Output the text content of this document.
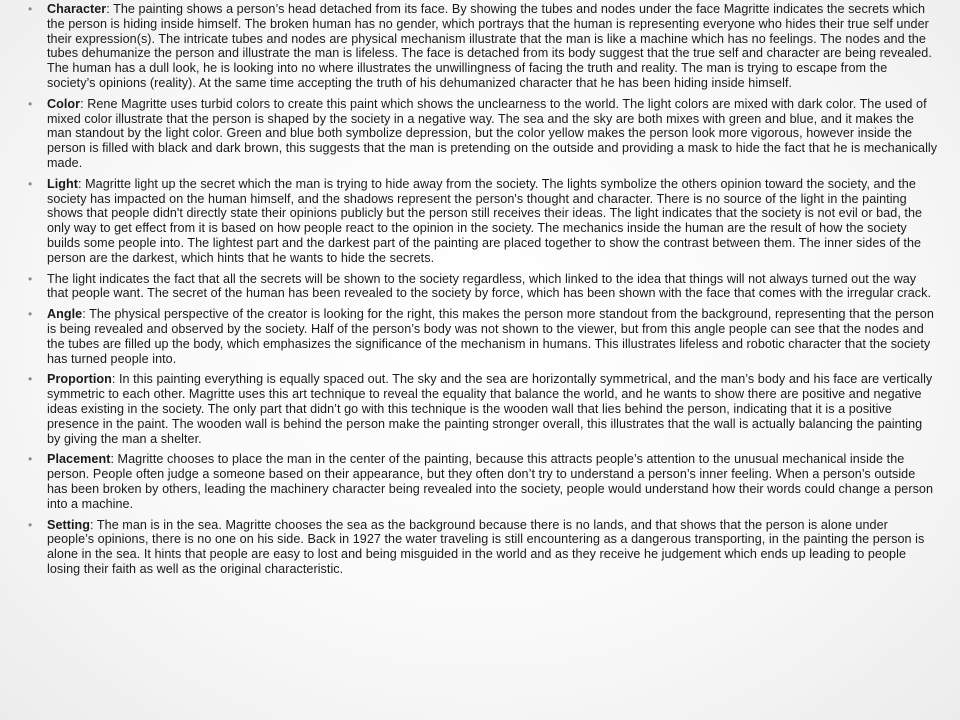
• Character: The painting shows a person’s head detached from its face. By showing the tubes and nodes under the face Magritte indicates the secrets which the person is hiding inside himself. The broken human has no gender, which portrays that the human is representing everyone who hides their true self under their expression(s). The intricate tubes and nodes are physical mechanism illustrate that the man is like a machine which has no feelings. The nodes and the tubes dehumanize the person and illustrate the man is lifeless. The face is detached from its body suggest that the true self and character are being revealed. The human has a dull look, he is looking into no where illustrates the unwillingness of facing the truth and reality. The man is trying to escape from the society’s opinions (reality). At the same time accepting the truth of his dehumanized character that he has been hiding inside himself.
• Color: Rene Magritte uses turbid colors to create this paint which shows the unclearness to the world. The light colors are mixed with dark color. The used of mixed color illustrate that the person is shaped by the society in a negative way. The sea and the sky are both mixes with green and blue, and it makes the man standout by the light color. Green and blue both symbolize depression, but the color yellow makes the person look more vigorous, however inside the person is filled with black and dark brown, this suggests that the man is pretending on the outside and providing a mask to hide the fact that he is mechanically made.
• Light: Magritte light up the secret which the man is trying to hide away from the society. The lights symbolize the others opinion toward the society, and the society has impacted on the human himself, and the shadows represent the person's thought and character. There is no source of the light in the painting shows that people didn't directly state their opinions publicly but the person still receives their ideas. The light indicates that the society is not evil or bad, the only way to get effect from it is based on how people react to the opinion in the society. The mechanics inside the human are the result of how the society builds some people into. The lightest part and the darkest part of the painting are placed together to show the contrast between them. The inner sides of the person are the darkest, which hints that he wants to hide the secrets.
• The light indicates the fact that all the secrets will be shown to the society regardless, which linked to the idea that things will not always turned out the way that people want. The secret of the human has been revealed to the society by force, which has been shown with the face that comes with the irregular crack.
• Angle: The physical perspective of the creator is looking for the right, this makes the person more standout from the background, representing that the person is being revealed and observed by the society. Half of the person’s body was not shown to the viewer, but from this angle people can see that the nodes and the tubes are filled up the body, which emphasizes the significance of the mechanism in humans. This illustrates lifeless and robotic character that the society has turned people into.
• Proportion: In this painting everything is equally spaced out. The sky and the sea are horizontally symmetrical, and the man’s body and his face are vertically symmetric to each other. Magritte uses this art technique to reveal the equality that balance the world, and he wants to show there are positive and negative ideas existing in the society. The only part that didn’t go with this technique is the wooden wall that lies behind the person, indicating that it is a positive presence in the paint. The wooden wall is behind the person make the painting stronger overall, this illustrates that the wall is actually balancing the painting by giving the man a shelter.
• Placement: Magritte chooses to place the man in the center of the painting, because this attracts people’s attention to the unusual mechanical inside the person. People often judge a someone based on their appearance, but they often don’t try to understand a person’s inner feeling. When a person’s outside has been broken by others, leading the machinery character being revealed into the society, people would understand how their words could change a person into a machine.
• Setting: The man is in the sea. Magritte chooses the sea as the background because there is no lands, and that shows that the person is alone under people’s opinions, there is no one on his side. Back in 1927 the water traveling is still encountering as a dangerous transporting, in the painting the person is alone in the sea. It hints that people are easy to lost and being misguided in the world and as they receive he judgement which ends up leading to people losing their faith as well as the original characteristic.
